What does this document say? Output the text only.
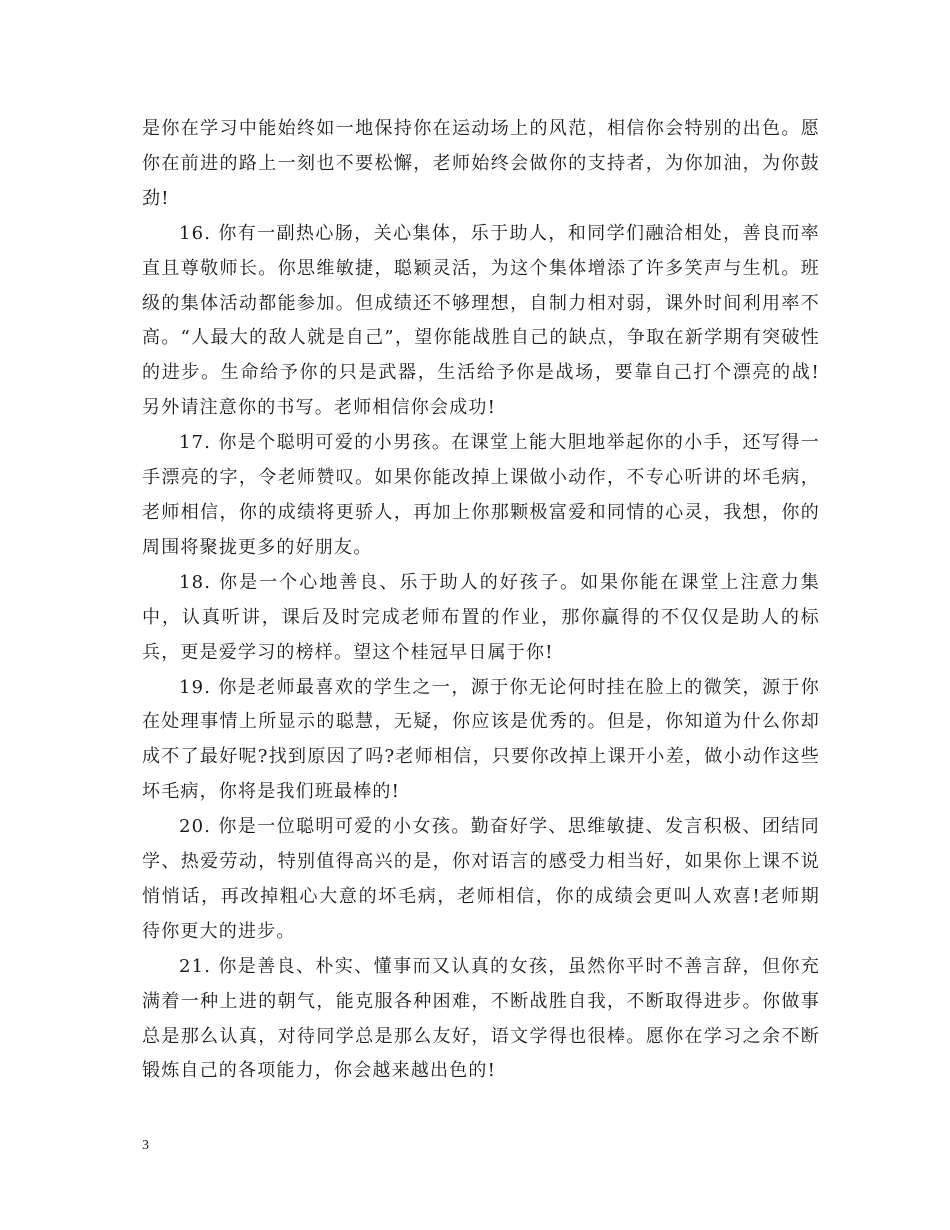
是你在学习中能始终如一地保持你在运动场上的风范，相信你会特别的出色。愿你在前进的路上一刻也不要松懈，老师始终会做你的支持者，为你加油，为你鼓劲!

16. 你有一副热心肠，关心集体，乐于助人，和同学们融洽相处，善良而率直且尊敬师长。你思维敏捷，聪颖灵活，为这个集体增添了许多笑声与生机。班级的集体活动都能参加。但成绩还不够理想，自制力相对弱，课外时间利用率不高。“人最大的敌人就是自己”，望你能战胜自己的缺点，争取在新学期有突破性的进步。生命给予你的只是武器，生活给予你是战场，要靠自己打个漂亮的战!另外请注意你的书写。老师相信你会成功!

17. 你是个聪明可爱的小男孩。在课堂上能大胆地举起你的小手，还写得一手漂亮的字，令老师赞叹。如果你能改掉上课做小动作，不专心听讲的坏毛病，老师相信，你的成绩将更骄人，再加上你那颗极富爱和同情的心灵，我想，你的周围将聚拢更多的好朋友。

18. 你是一个心地善良、乐于助人的好孩子。如果你能在课堂上注意力集中，认真听讲，课后及时完成老师布置的作业，那你赢得的不仅仅是助人的标兵，更是爱学习的榜样。望这个桂冠早日属于你!

19. 你是老师最喜欢的学生之一，源于你无论何时挂在脸上的微笑，源于你在处理事情上所显示的聪慧，无疑，你应该是优秀的。但是，你知道为什么你却成不了最好呢?找到原因了吗?老师相信，只要你改掉上课开小差，做小动作这些坏毛病，你将是我们班最棒的!

20. 你是一位聪明可爱的小女孩。勤奋好学、思维敏捷、发言积极、团结同学、热爱劳动，特别值得高兴的是，你对语言的感受力相当好，如果你上课不说悄悄话，再改掉粗心大意的坏毛病，老师相信，你的成绩会更叫人欢喜!老师期待你更大的进步。

21. 你是善良、朴实、懂事而又认真的女孩，虽然你平时不善言辞，但你充满着一种上进的朝气，能克服各种困难，不断战胜自我，不断取得进步。你做事总是那么认真，对待同学总是那么友好，语文学得也很棒。愿你在学习之余不断锻炼自己的各项能力，你会越来越出色的!

3
